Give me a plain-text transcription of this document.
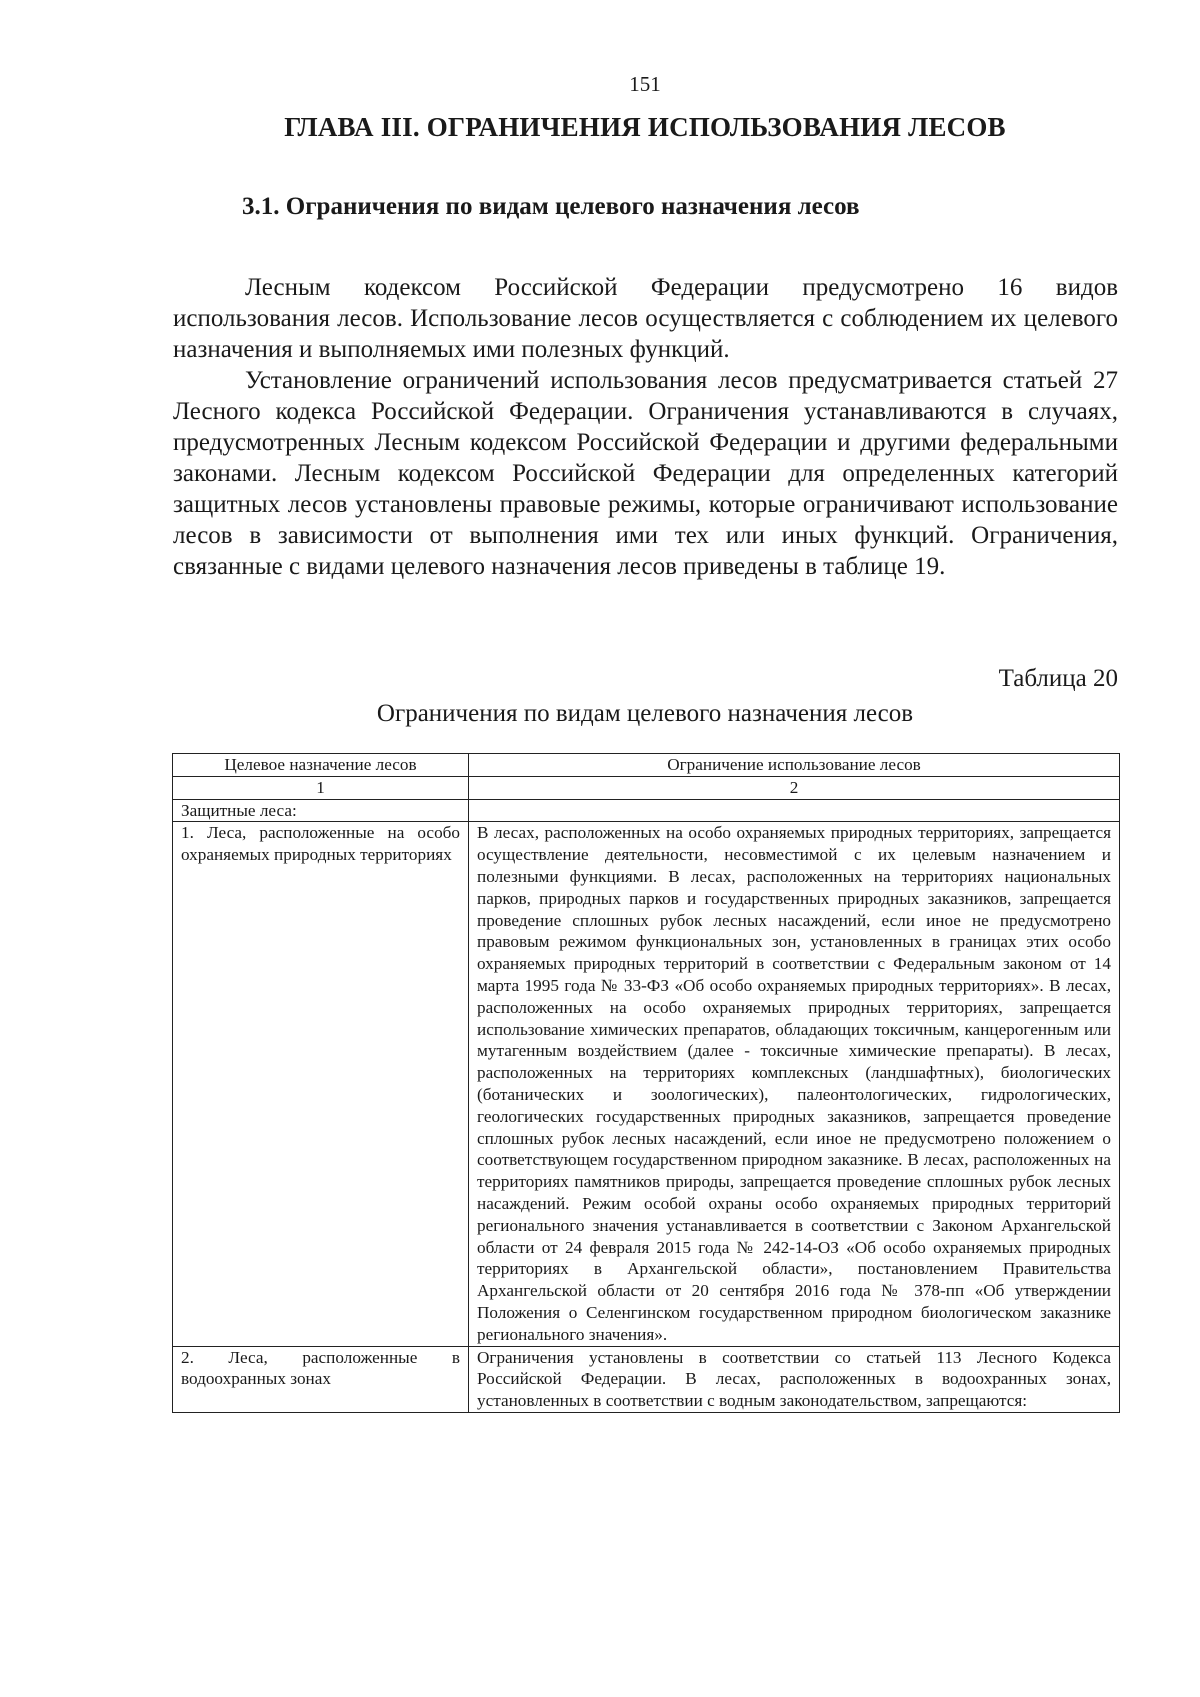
151
ГЛАВА III. ОГРАНИЧЕНИЯ ИСПОЛЬЗОВАНИЯ ЛЕСОВ
3.1. Ограничения по видам целевого назначения лесов

Лесным кодексом Российской Федерации предусмотрено 16 видов использования лесов. Использование лесов осуществляется с соблюдением их целевого назначения и выполняемых ими полезных функций.

Установление ограничений использования лесов предусматривается статьей 27 Лесного кодекса Российской Федерации. Ограничения устанавливаются в случаях, предусмотренных Лесным кодексом Российской Федерации и другими федеральными законами. Лесным кодексом Российской Федерации для определенных категорий защитных лесов установлены правовые режимы, которые ограничивают использование лесов в зависимости от выполнения ими тех или иных функций. Ограничения, связанные с видами целевого назначения лесов приведены в таблице 19.

Таблица 20
Ограничения по видам целевого назначения лесов
Целевое назначение лесов	Ограничение использование лесов
1	2
Защитные леса:	
1. Леса, расположенные на особо охраняемых природных территориях	В лесах, расположенных на особо охраняемых природных территориях, запрещается осуществление деятельности, несовместимой с их целевым назначением и полезными функциями. В лесах, расположенных на территориях национальных парков, природных парков и государственных природных заказников, запрещается проведение сплошных рубок лесных насаждений, если иное не предусмотрено правовым режимом функциональных зон, установленных в границах этих особо охраняемых природных территорий в соответствии с Федеральным законом от 14 марта 1995 года № 33-ФЗ «Об особо охраняемых природных территориях». В лесах, расположенных на особо охраняемых природных территориях, запрещается использование химических препаратов, обладающих токсичным, канцерогенным или мутагенным воздействием (далее - токсичные химические препараты). В лесах, расположенных на территориях комплексных (ландшафтных), биологических (ботанических и зоологических), палеонтологических, гидрологических, геологических государственных природных заказников, запрещается проведение сплошных рубок лесных насаждений, если иное не предусмотрено положением о соответствующем государственном природном заказнике. В лесах, расположенных на территориях памятников природы, запрещается проведение сплошных рубок лесных насаждений. Режим особой охраны особо охраняемых природных территорий регионального значения устанавливается в соответствии с Законом Архангельской области от 24 февраля 2015 года № 242-14-ОЗ «Об особо охраняемых природных территориях в Архангельской области», постановлением Правительства Архангельской области от 20 сентября 2016 года № 378-пп «Об утверждении Положения о Селенгинском государственном природном биологическом заказнике регионального значения».
2. Леса, расположенные в водоохранных зонах	Ограничения установлены в соответствии со статьей 113 Лесного Кодекса Российской Федерации. В лесах, расположенных в водоохранных зонах, установленных в соответствии с водным законодательством, запрещаются:
